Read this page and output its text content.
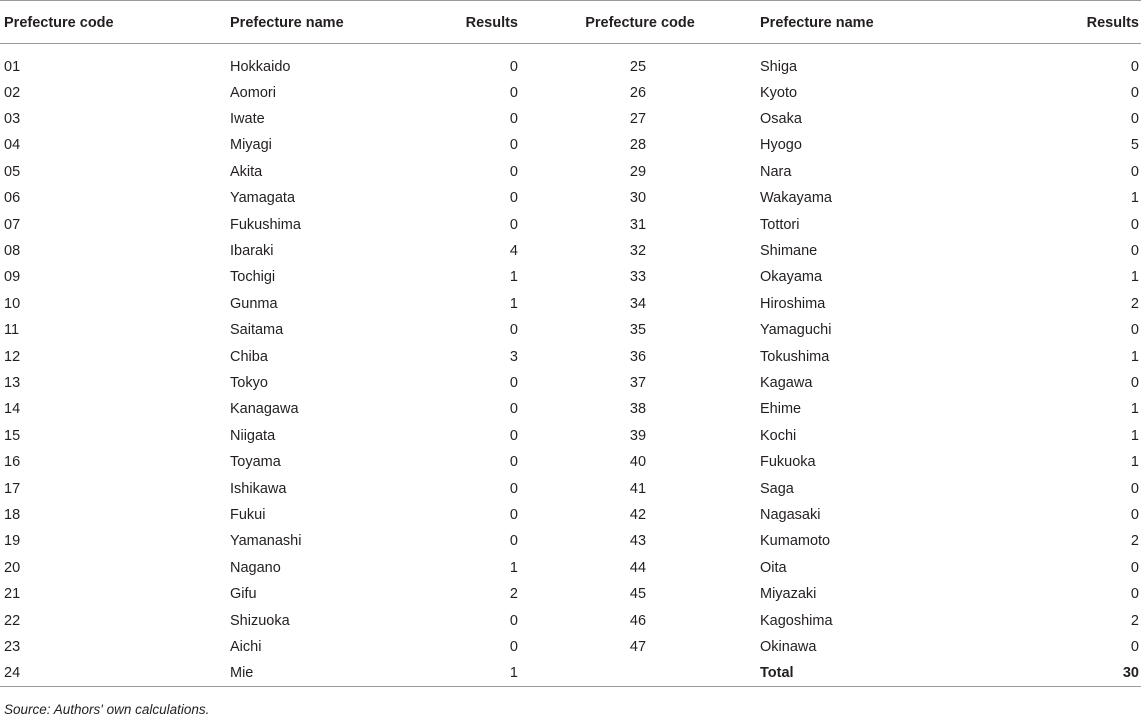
Prefecture code	Prefecture name	Results	Prefecture code	Prefecture name	Results
01	Hokkaido	0	25	Shiga	0
02	Aomori	0	26	Kyoto	0
03	Iwate	0	27	Osaka	0
04	Miyagi	0	28	Hyogo	5
05	Akita	0	29	Nara	0
06	Yamagata	0	30	Wakayama	1
07	Fukushima	0	31	Tottori	0
08	Ibaraki	4	32	Shimane	0
09	Tochigi	1	33	Okayama	1
10	Gunma	1	34	Hiroshima	2
11	Saitama	0	35	Yamaguchi	0
12	Chiba	3	36	Tokushima	1
13	Tokyo	0	37	Kagawa	0
14	Kanagawa	0	38	Ehime	1
15	Niigata	0	39	Kochi	1
16	Toyama	0	40	Fukuoka	1
17	Ishikawa	0	41	Saga	0
18	Fukui	0	42	Nagasaki	0
19	Yamanashi	0	43	Kumamoto	2
20	Nagano	1	44	Oita	0
21	Gifu	2	45	Miyazaki	0
22	Shizuoka	0	46	Kagoshima	2
23	Aichi	0	47	Okinawa	0
24	Mie	1		Total	30
Source: Authors' own calculations.
